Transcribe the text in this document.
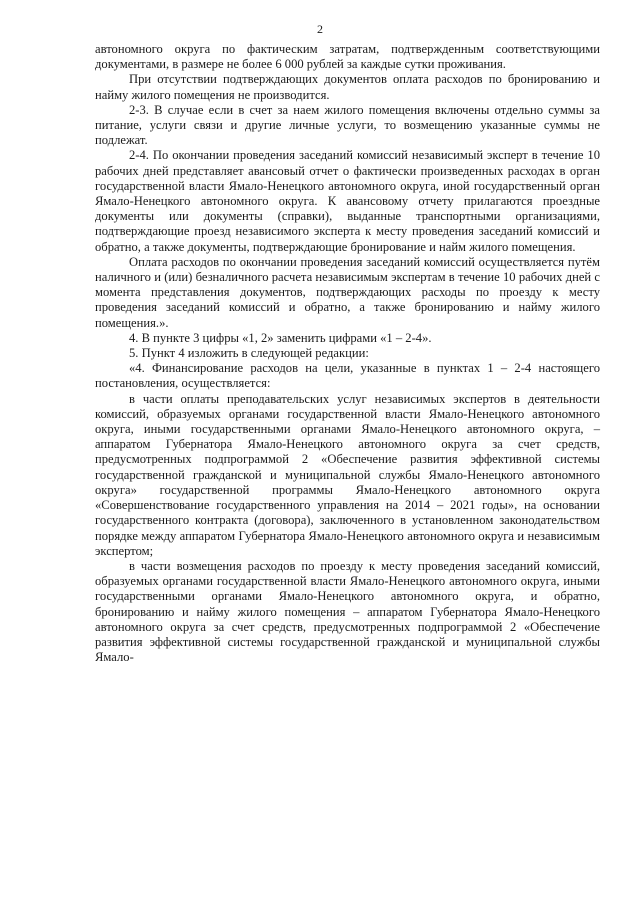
2

автономного округа по фактическим затратам, подтвержденным соответствующими документами, в размере не более 6 000 рублей за каждые сутки проживания.

При отсутствии подтверждающих документов оплата расходов по бронированию и найму жилого помещения не производится.

2-3. В случае если в счет за наем жилого помещения включены отдельно суммы за питание, услуги связи и другие личные услуги, то возмещению указанные суммы не подлежат.

2-4. По окончании проведения заседаний комиссий независимый эксперт в течение 10 рабочих дней представляет авансовый отчет о фактически произведенных расходах в орган государственной власти Ямало-Ненецкого автономного округа, иной государственный орган Ямало-Ненецкого автономного округа. К авансовому отчету прилагаются проездные документы или документы (справки), выданные транспортными организациями, подтверждающие проезд независимого эксперта к месту проведения заседаний комиссий и обратно, а также документы, подтверждающие бронирование и найм жилого помещения.

Оплата расходов по окончании проведения заседаний комиссий осуществляется путём наличного и (или) безналичного расчета независимым экспертам в течение 10 рабочих дней с момента представления документов, подтверждающих расходы по проезду к месту проведения заседаний комиссий и обратно, а также бронированию и найму жилого помещения.».

4. В пункте 3 цифры «1, 2» заменить цифрами «1 – 2-4».

5. Пункт 4 изложить в следующей редакции:

«4. Финансирование расходов на цели, указанные в пунктах 1 – 2-4 настоящего постановления, осуществляется:

в части оплаты преподавательских услуг независимых экспертов в деятельности комиссий, образуемых органами государственной власти Ямало-Ненецкого автономного округа, иными государственными органами Ямало-Ненецкого автономного округа, – аппаратом Губернатора Ямало-Ненецкого автономного округа за счет средств, предусмотренных подпрограммой 2 «Обеспечение развития эффективной системы государственной гражданской и муниципальной службы Ямало-Ненецкого автономного округа» государственной программы Ямало-Ненецкого автономного округа «Совершенствование государственного управления на 2014 – 2021 годы», на основании государственного контракта (договора), заключенного в установленном законодательством порядке между аппаратом Губернатора Ямало-Ненецкого автономного округа и независимым экспертом;

в части возмещения расходов по проезду к месту проведения заседаний комиссий, образуемых органами государственной власти Ямало-Ненецкого автономного округа, иными государственными органами Ямало-Ненецкого автономного округа, и обратно, бронированию и найму жилого помещения – аппаратом Губернатора Ямало-Ненецкого автономного округа за счет средств, предусмотренных подпрограммой 2 «Обеспечение развития эффективной системы государственной гражданской и муниципальной службы Ямало-
